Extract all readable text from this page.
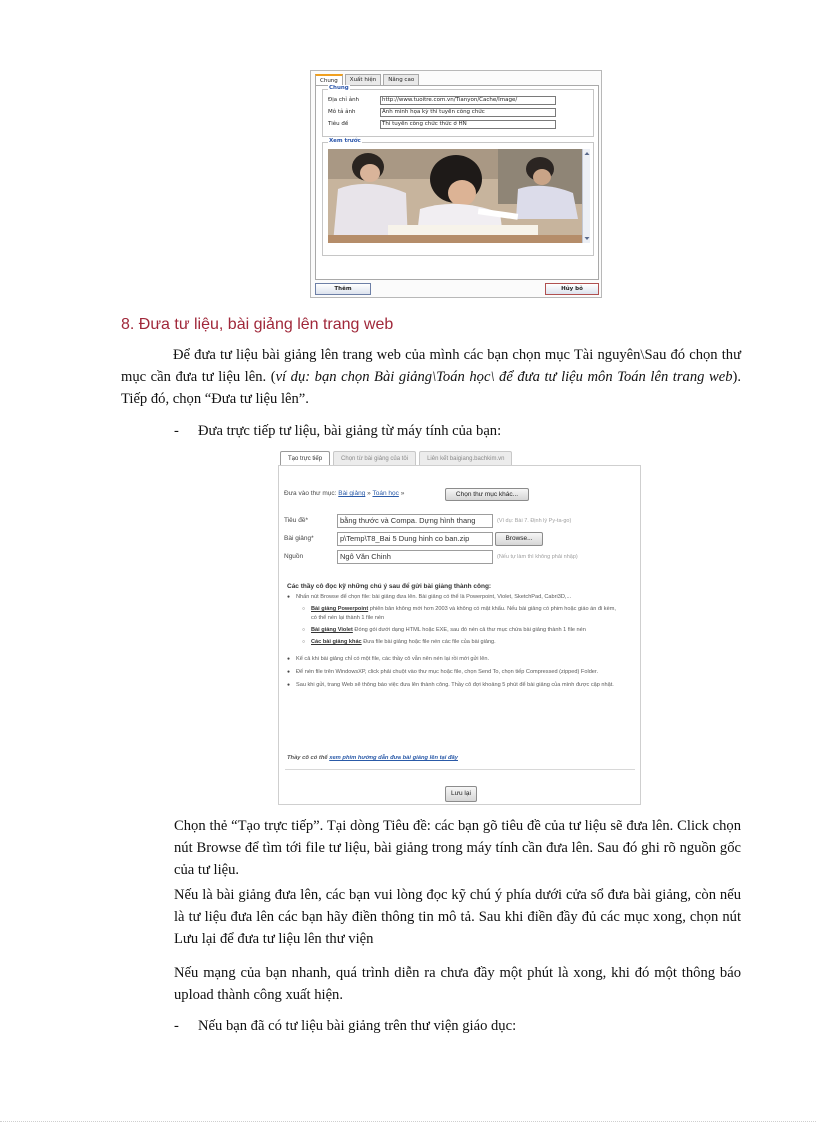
Chung	Xuất hiện	Nâng cao
Chung
Địa chỉ ảnh	http://www.tuoitre.com.vn/Tianyon/Cache/Image/
Mô tả ảnh	Ảnh minh họa kỳ thi tuyển công chức
Tiêu đề	Thi tuyển công chức thức ở HN
Xem trước
Thêm	Hủy bỏ
8. Đưa tư liệu, bài giảng lên trang web
Để đưa tư liệu bài giảng lên trang web của mình các bạn chọn mục Tài nguyên\Sau đó chọn thư mục cần đưa tư liệu lên. (ví dụ: bạn chọn Bài giảng\Toán học\ để đưa tư liệu môn Toán lên trang web). Tiếp đó, chọn “Đưa tư liệu lên”.
- Đưa trực tiếp tư liệu, bài giảng từ máy tính của bạn:
Tạo trực tiếp	Chọn từ bài giảng của tôi	Liên kết baigiang.bachkim.vn
Đưa vào thư mục: Bài giảng » Toán học »	Chọn thư mục khác...
Tiêu đề*	bằng thước và Compa. Dựng hình thang	(Ví dụ: Bài 7. Định lý Py-ta-go)
Bài giảng*	p\Temp\T8_Bai 5 Dung hinh co ban.zip	Browse...
Nguồn	Ngô Văn Chinh	(Nếu tự làm thì không phải nhập)
Các thầy cô đọc kỹ những chú ý sau để gửi bài giảng thành công:
● Nhấn nút Browse để chọn file: bài giảng đưa lên. Bài giảng có thể là Powerpoint, Violet, SketchPad, Cabri3D,...
○ Bài giảng Powerpoint phiên bản không mới hơn 2003 và không có mật khẩu. Nếu bài giảng có phim hoặc giáo án đi kèm, có thể nén lại thành 1 file nén
○ Bài giảng Violet Đóng gói dưới dạng HTML hoặc EXE, sau đó nén cả thư mục chứa bài giảng thành 1 file nén
○ Các bài giảng khác Đưa file bài giảng hoặc file nén các file của bài giảng.
● Kể cả khi bài giảng chỉ có một file, các thầy cô vẫn nên nén lại rồi mới gửi lên.
● Để nén file trên WindowsXP, click phải chuột vào thư mục hoặc file, chọn Send To, chọn tiếp Compressed (zipped) Folder.
● Sau khi gửi, trang Web sẽ thông báo việc đưa lên thành công. Thầy cô đợi khoảng 5 phút để bài giảng của mình được cập nhật.
Thầy cô có thể xem phim hướng dẫn đưa bài giảng lên tại đây
Lưu lại
Chọn thẻ “Tạo trực tiếp”. Tại dòng Tiêu đề: các bạn gõ tiêu đề của tư liệu sẽ đưa lên. Click chọn nút Browse để tìm tới file tư liệu, bài giảng trong máy tính cần đưa lên. Sau đó ghi rõ nguồn gốc của tư liệu.
Nếu là bài giảng đưa lên, các bạn vui lòng đọc kỹ chú ý phía dưới cửa sổ đưa bài giảng, còn nếu là tư liệu đưa lên các bạn hãy điền thông tin mô tả. Sau khi điền đầy đủ các mục xong, chọn nút Lưu lại để đưa tư liệu lên thư viện
Nếu mạng của bạn nhanh, quá trình diễn ra chưa đầy một phút là xong, khi đó một thông báo upload thành công xuất hiện.
- Nếu bạn đã có tư liệu bài giảng trên thư viện giáo dục:
